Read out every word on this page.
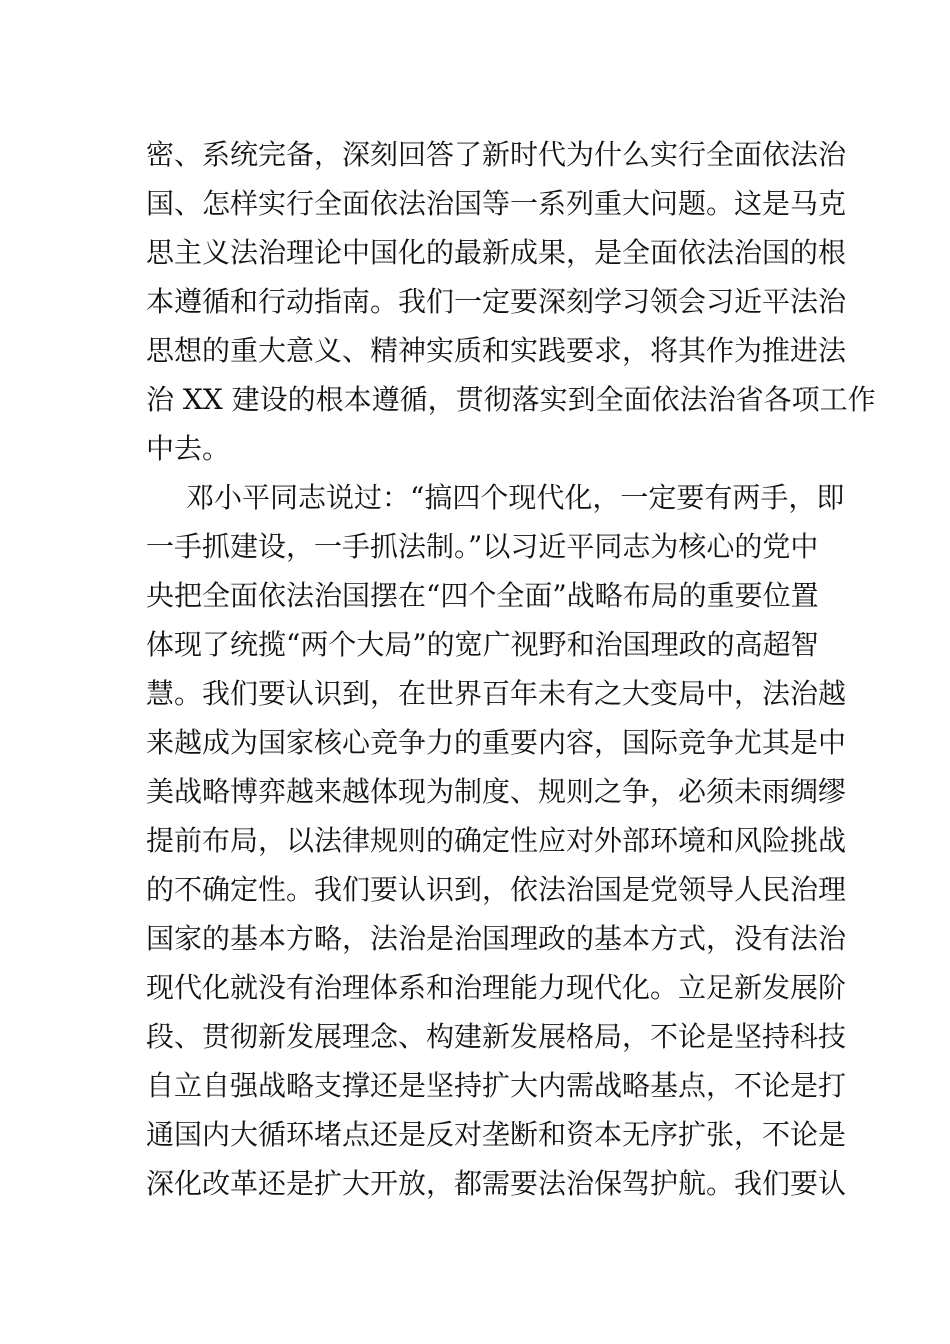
密、系统完备，深刻回答了新时代为什么实行全面依法治
国、怎样实行全面依法治国等一系列重大问题。这是马克
思主义法治理论中国化的最新成果，是全面依法治国的根
本遵循和行动指南。我们一定要深刻学习领会习近平法治
思想的重大意义、精神实质和实践要求，将其作为推进法
治 XX 建设的根本遵循，贯彻落实到全面依法治省各项工作
中去。
邓小平同志说过：“搞四个现代化，一定要有两手，即
一手抓建设，一手抓法制。”以习近平同志为核心的党中
央把全面依法治国摆在“四个全面”战略布局的重要位置
体现了统揽“两个大局”的宽广视野和治国理政的高超智
慧。我们要认识到，在世界百年未有之大变局中，法治越
来越成为国家核心竞争力的重要内容，国际竞争尤其是中
美战略博弈越来越体现为制度、规则之争，必须未雨绸缪
提前布局，以法律规则的确定性应对外部环境和风险挑战
的不确定性。我们要认识到，依法治国是党领导人民治理
国家的基本方略，法治是治国理政的基本方式，没有法治
现代化就没有治理体系和治理能力现代化。立足新发展阶
段、贯彻新发展理念、构建新发展格局，不论是坚持科技
自立自强战略支撑还是坚持扩大内需战略基点，不论是打
通国内大循环堵点还是反对垄断和资本无序扩张，不论是
深化改革还是扩大开放，都需要法治保驾护航。我们要认
